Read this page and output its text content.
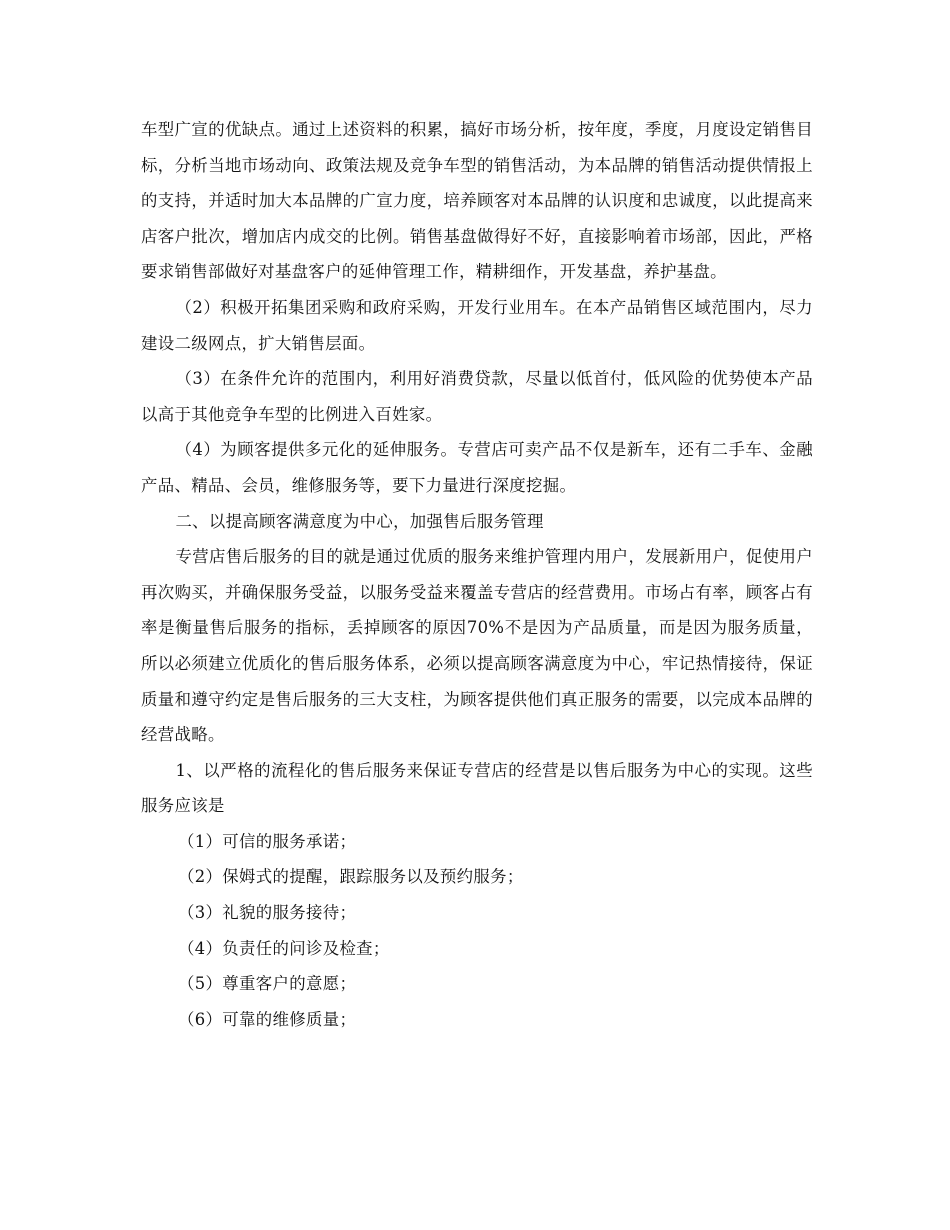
车型广宣的优缺点。通过上述资料的积累，搞好市场分析，按年度，季度，月度设定销售目标，分析当地市场动向、政策法规及竞争车型的销售活动，为本品牌的销售活动提供情报上的支持，并适时加大本品牌的广宣力度，培养顾客对本品牌的认识度和忠诚度，以此提高来店客户批次，增加店内成交的比例。销售基盘做得好不好，直接影响着市场部，因此，严格要求销售部做好对基盘客户的延伸管理工作，精耕细作，开发基盘，养护基盘。

（2）积极开拓集团采购和政府采购，开发行业用车。在本产品销售区域范围内，尽力建设二级网点，扩大销售层面。

（3）在条件允许的范围内，利用好消费贷款，尽量以低首付，低风险的优势使本产品以高于其他竞争车型的比例进入百姓家。

（4）为顾客提供多元化的延伸服务。专营店可卖产品不仅是新车，还有二手车、金融产品、精品、会员，维修服务等，要下力量进行深度挖掘。

二、以提高顾客满意度为中心，加强售后服务管理

专营店售后服务的目的就是通过优质的服务来维护管理内用户，发展新用户，促使用户再次购买，并确保服务受益，以服务受益来覆盖专营店的经营费用。市场占有率，顾客占有率是衡量售后服务的指标，丢掉顾客的原因70%不是因为产品质量，而是因为服务质量，所以必须建立优质化的售后服务体系，必须以提高顾客满意度为中心，牢记热情接待，保证质量和遵守约定是售后服务的三大支柱，为顾客提供他们真正服务的需要，以完成本品牌的经营战略。

1、以严格的流程化的售后服务来保证专营店的经营是以售后服务为中心的实现。这些服务应该是

（1）可信的服务承诺；

（2）保姆式的提醒，跟踪服务以及预约服务；

（3）礼貌的服务接待；

（4）负责任的问诊及检查；

（5）尊重客户的意愿；

（6）可靠的维修质量；
